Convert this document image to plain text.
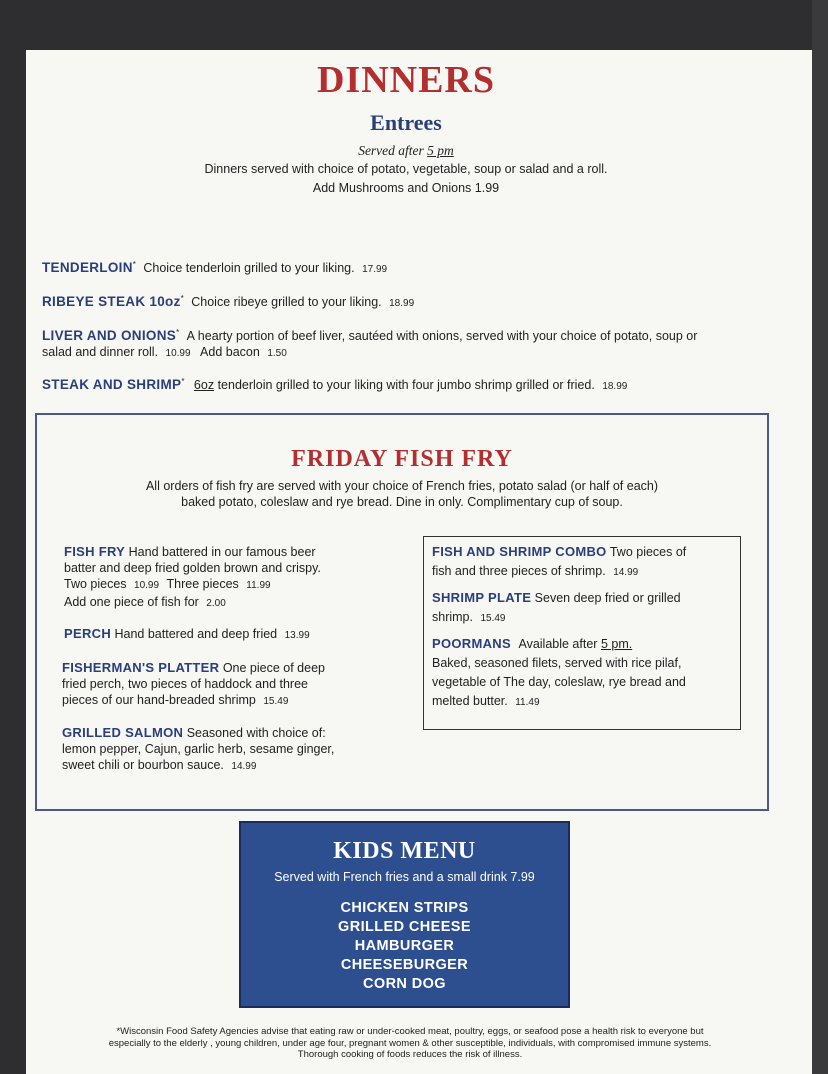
DINNERS
Entrees
Served after 5 pm
Dinners served with choice of potato, vegetable, soup or salad and a roll.
Add Mushrooms and Onions 1.99
TENDERLOIN* Choice tenderloin grilled to your liking. 17.99
RIBEYE STEAK 10oz* Choice ribeye grilled to your liking. 18.99
LIVER AND ONIONS* A hearty portion of beef liver, sautéed with onions, served with your choice of potato, soup or
salad and dinner roll. 10.99 Add bacon 1.50
STEAK AND SHRIMP* 6oz tenderloin grilled to your liking with four jumbo shrimp grilled or fried. 18.99
FRIDAY FISH FRY
All orders of fish fry are served with your choice of French fries, potato salad (or half of each)
baked potato, coleslaw and rye bread. Dine in only. Complimentary cup of soup.
FISH FRY Hand battered in our famous beer
batter and deep fried golden brown and crispy.
Two pieces 10.99 Three pieces 11.99
Add one piece of fish for 2.00
PERCH Hand battered and deep fried 13.99
FISHERMAN'S PLATTER One piece of deep
fried perch, two pieces of haddock and three
pieces of our hand-breaded shrimp 15.49
GRILLED SALMON Seasoned with choice of:
lemon pepper, Cajun, garlic herb, sesame ginger,
sweet chili or bourbon sauce. 14.99
FISH AND SHRIMP COMBO Two pieces of
fish and three pieces of shrimp. 14.99
SHRIMP PLATE Seven deep fried or grilled
shrimp. 15.49
POORMANS Available after 5 pm.
Baked, seasoned filets, served with rice pilaf,
vegetable of The day, coleslaw, rye bread and
melted butter. 11.49
KIDS MENU
Served with French fries and a small drink 7.99
CHICKEN STRIPS
GRILLED CHEESE
HAMBURGER
CHEESEBURGER
CORN DOG
*Wisconsin Food Safety Agencies advise that eating raw or under-cooked meat, poultry, eggs, or seafood pose a health risk to everyone but
especially to the elderly , young children, under age four, pregnant women & other susceptible, individuals, with compromised immune systems.
Thorough cooking of foods reduces the risk of illness.
